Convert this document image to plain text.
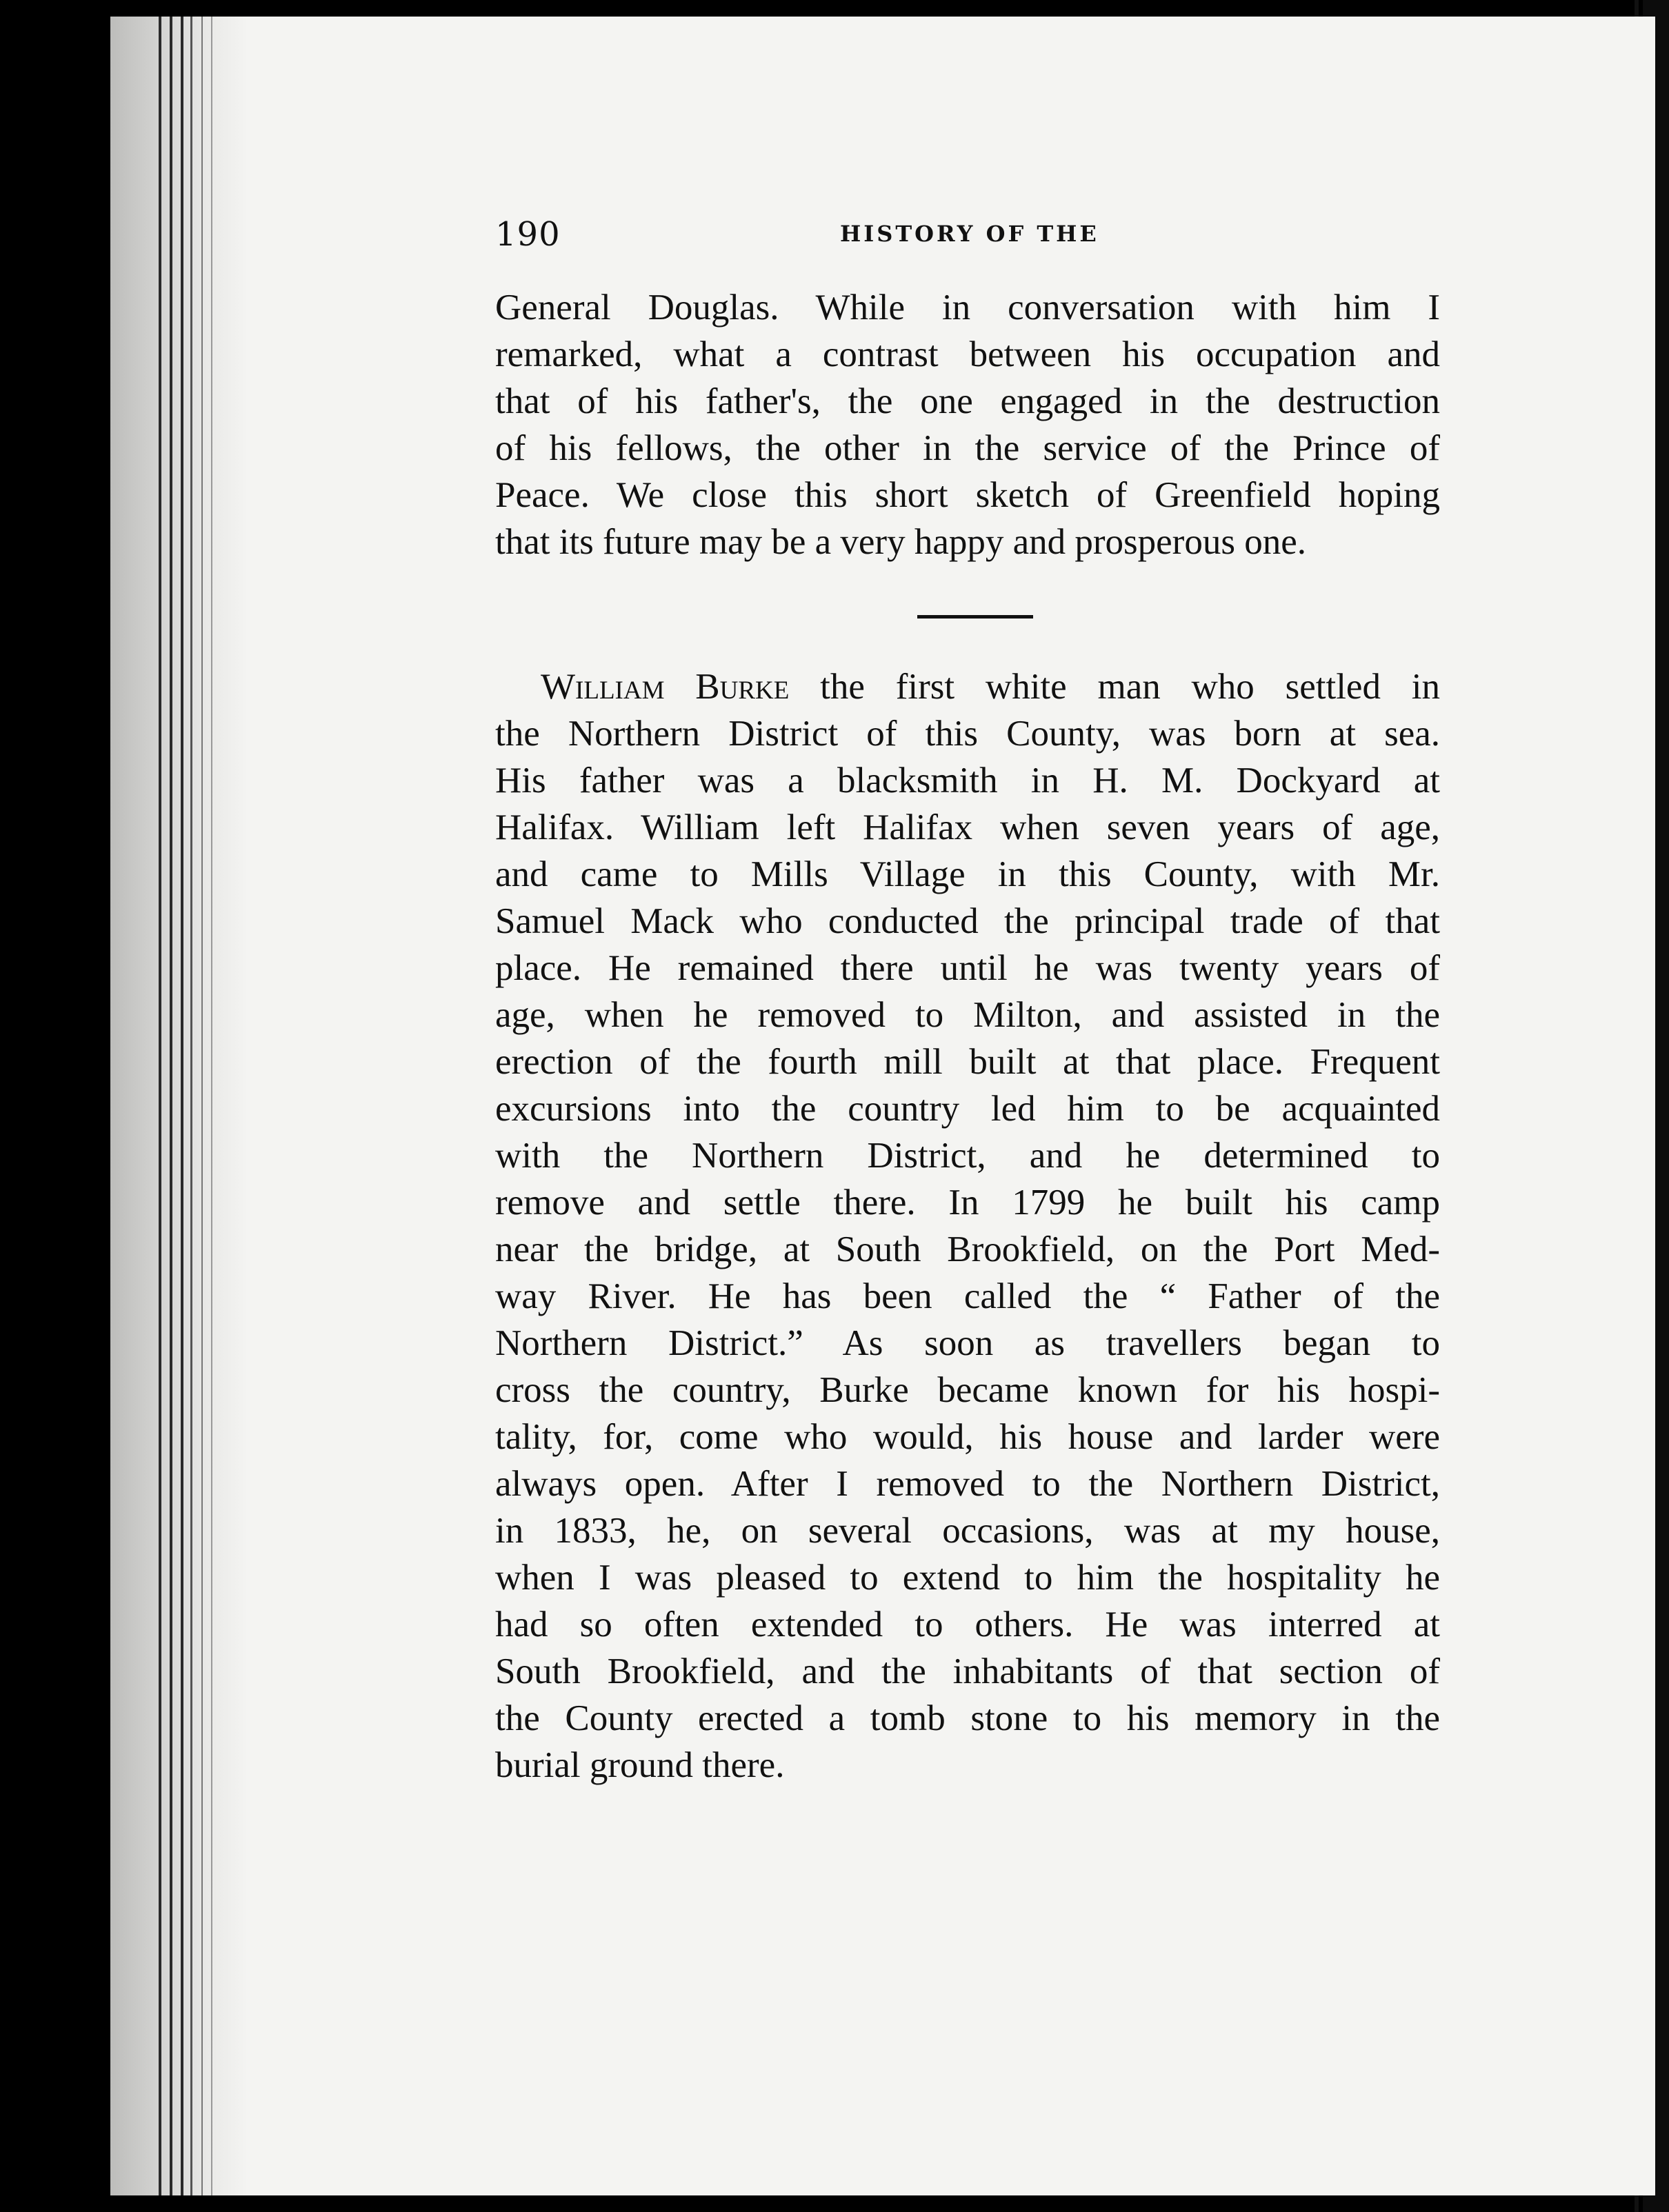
190	HISTORY OF THE
General Douglas. While in conversation with him I
remarked, what a contrast between his occupation and
that of his father's, the one engaged in the destruction
of his fellows, the other in the service of the Prince of
Peace. We close this short sketch of Greenfield hoping
that its future may be a very happy and prosperous one.
William Burke the first white man who settled in
the Northern District of this County, was born at sea.
His father was a blacksmith in H. M. Dockyard at
Halifax. William left Halifax when seven years of age,
and came to Mills Village in this County, with Mr.
Samuel Mack who conducted the principal trade of that
place. He remained there until he was twenty years of
age, when he removed to Milton, and assisted in the
erection of the fourth mill built at that place. Frequent
excursions into the country led him to be acquainted
with the Northern District, and he determined to
remove and settle there. In 1799 he built his camp
near the bridge, at South Brookfield, on the Port Med-
way River. He has been called the “ Father of the
Northern District.” As soon as travellers began to
cross the country, Burke became known for his hospi-
tality, for, come who would, his house and larder were
always open. After I removed to the Northern District,
in 1833, he, on several occasions, was at my house,
when I was pleased to extend to him the hospitality he
had so often extended to others. He was interred at
South Brookfield, and the inhabitants of that section of
the County erected a tomb stone to his memory in the
burial ground there.
